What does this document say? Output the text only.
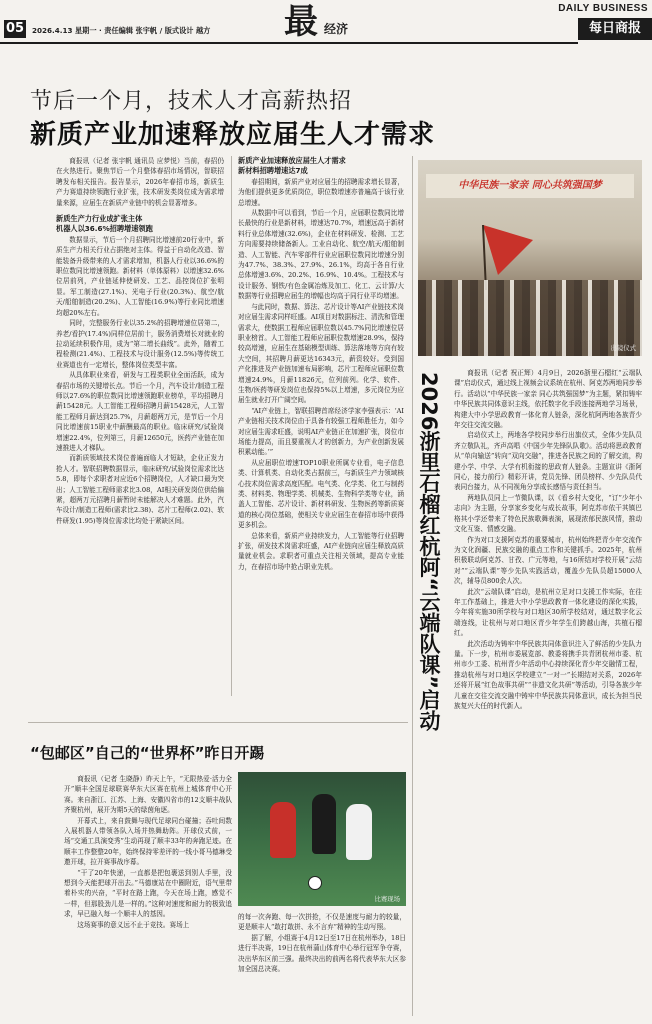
05 2026.4.13 星期一 · 责任编辑 张宇帆 / 版式设计 越方 最 经济
DAILY BUSINESS
每日商报
节后一个月，技术人才高薪热招
新质产业加速释放应届生人才需求

商报讯（记者 张宇帆 通讯员 应梦悦）当前，春招仍在火热进行。聚焦节后一个月整体春招市场情况，智联招聘发布相关报告。报告显示，2026年春招市场，新质生产力赛道持续领跑行业扩张，技术研发类岗位成为需求增量来源，应届生在新质产业链中的机会显著增多。

新质生产力行业成扩张主体
机器人以36.6%招聘增速领跑

数据显示，节后一个月招聘同比增速前20行业中，新质生产力相关行业占据绝对主体。得益于自动化改造、智能装备升级带来的人才需求增加，机器人行业以36.6%的职位数同比增速领跑。新材料（单体原料）以增速32.6%位居前列，产业链延伸使研发、工艺、品控岗位扩张明显。军工制造(27.1%)、光电子行业(20.3%)、航空/航天/船舶制造(20.2%)、人工智能(16.9%)等行业同比增速均超20%左右。

同时，完整服务行业以35.2%的招聘增速位居第二，养老/看护(17.4%)同样位居前十，服务消费增长对就业的拉动延续积极作用，成为“第二增长曲线”。此外，随着工程检测(21.4%)、工程技术与设计服务(12.5%)等传统工业赛道也有一定增长，整体岗位类型丰富。

从具体职业来看，研发与工程类职业全面活跃，成为春招市场的关键增长点。节后一个月，汽车设计/制造工程师以27.6%的职位数同比增速领跑职业榜单，平均招聘月薪15428元。人工智能工程师招聘月薪15428元，人工智能工程师月薪达到25.7%，月薪超两万元，是节后一个月同比增速前15职业中薪酬最高的职业。临床研究/试验岗增速22.4%，位列第三，月薪12650元，医药产业链在加速推进人才梯队。

而新质领域技术岗位普遍面临人才短缺，企业正发力抢人才。智联招聘数据显示，临床研究/试验岗位需求比达5.8，即每个求职者对应近6个招聘岗位，人才缺口最为突出；人工智能工程师需求比3.08，AI相关研发岗位供给偏紧，超两万元招聘月薪暂时未能解决人才难题。此外，汽车设计/制造工程师(需求比2.38)、芯片工程师(2.02)、软件研发(1.95)等岗位需求比均处于紧缺区间。

新质产业加速释放应届生人才需求
新材料招聘增速达7成

春招期间，新质产业对应届生的招聘需求增长显著，为他们提供更多优质岗位，职位数增速亦普遍高于该行业总增速。

从数据中可以看到，节后一个月，应届职位数同比增长最快的行业是新材料，增速达70.7%，增速远高于新材料行业总体增速(32.6%)，企业在材料研发、检测、工艺方向需要持续储备新人。工业自动化、航空/航天/船舶制造、人工智能、汽车零部件行业应届职位数同比增速分别为47.7%、38.3%、27.9%、26.1%，均高于各自行业总体增速3.6%、20.2%、16.9%、10.4%。工程技术与设计服务、钢铁/有色金属冶炼及加工、化工、云计算/大数据等行业招聘应届生的增幅也均高于同行业平均增速。

与此同时，数据、算法、芯片设计等AI产业链技术岗对应届生需求同样旺盛。AI项目对数据标注、清洗和管理需求大，使数据工程师应届职位数以45.7%同比增速位居职业榜首。人工智能工程师应届职位数增速28.9%，保持较高增速，应届生在基础模型训练、算法落地等方向有较大空间，其招聘月薪更达16343元，薪资较好。受到国产化推进及产业链加速布局影响，芯片工程师应届职位数增速24.9%，月薪11826元，位列前列。化学、软件、生物/医药等研发岗位也保持5%以上增速，多元岗位为应届生就业打开广阔空间。

“AI产业链上，智联招聘首席经济学家李强表示：‘AI产业链相关技术岗位由于具备有较强工程师胜任力，如今对应届生需求旺盛，说明AI产业链正在加速扩张，岗位市场能力提高，而且要重视人才的创新力，为产业创新发展积累动能。’”

从应届职位增速TOP10职业所属专业看，电子信息类、计算机类、自动化类占据前三，与新质生产力领域核心技术岗位需求高度匹配。电气类、化学类、化工与制药类、材料类、物理学类、机械类、生物科学类等专业，涵盖人工智能、芯片设计、新材料研发、生物医药等新质赛道的核心岗位基础，使相关专业应届生在春招市场中获得更多机会。

总体来看，新质产业持续发力，人工智能等行业招聘扩张，研发技术岗需求旺盛，AI产业链向应届生释放高质量就业机会。求职者可重点关注相关领域，提高专业能力，在春招市场中抢占职业先机。

中华民族一家亲 同心共筑强国梦
出镜仪式
2026浙里石榴红杭阿“云端队课”启动	商报讯（记者 祝正辉）4月9日，2026浙里石榴红“云端队课”启动仪式，通过线上视频会议系统在杭州、阿克苏两地同步举行。活动以“中华民族一家亲 同心共筑强国梦”为主题，紧扣铸牢中华民族共同体意识主线，依托数字化手段连接两地学习场景，构建大中小学思政教育一体化育人链条，深化杭阿两地各族青少年交往交流交融。

启动仪式上，两地各学校同步举行出旗仪式，全体少先队员齐立敬队礼，齐声高唱《中国少年先锋队队歌》。活动将思政教育从“单向输送”转向“双向交融”，推进各民族之间的了解交流，构建小学、中学、大学有机衔接的思政育人链条。主题宣讲《浙阿同心，接力前行》精彩开讲，党员先锋、团员榜样、少先队员代表同台接力，从不同视角分享成长感悟与责任担当。

两地队员同上一节微队课，以《看乡村大变化，“订”少年小志向》为主题，分享家乡变化与成长故事，阿克苏市依干其镇巴格其小学还带来了特色民族歌舞表演，展现浓郁民族风情，推动文化互鉴、情感交融。

作为对口支援阿克苏的重要城市，杭州始终把青少年交流作为文化润疆、民族交融的重点工作和关键抓手。2025年，杭州积极联动阿克苏、甘孜、广元等地，与16所结对学校开展“云结对”“云端队课”等少先队实践活动，覆盖少先队员超15000人次，辅导员800余人次。

此次“云端队课”启动，是杭州立足对口支援工作实际，在往年工作基础上，推进大中小学思政教育一体化建设的深化实践，今年将实施30所学校与对口地区30所学校结对，通过数字化云端连线，让杭州与对口地区青少年学生们跨越山海，共植石榴红。

此次活动为铸牢中华民族共同体意识注入了鲜活的少先队力量。下一步，杭州市委展览部、教委将携手共青团杭州市委、杭州市少工委、杭州青少年活动中心持续深化青少年交融情工程，推动杭州与对口地区学校建立“一对一”长期结对关系，2026年还将开展“红色故事共研”“非遗文化共研”等活动，引导各族少年儿童在交往交流交融中铸牢中华民族共同体意识，成长为担当民族复兴大任的时代新人。

“包邮区”自己的“世界杯”昨日开踢

商报讯（记者 生晓静）昨天上午，“无限热爱·活力全开”顺丰全国足球联赛华东大区赛在杭州上城体育中心开赛。来自浙江、江苏、上海、安徽四省市的12支顺丰战队齐聚杭州，展开为期5天的绿茵角逐。

开幕式上，来自鼓舞与现代足球同台碰撞；吞吐间数入展机器人带领各队入场并热舞助阵。开球仪式前，一场“交通工具演变秀”生动再现了顺丰33年的奔跑足迹。在顺丰工作整整20年，始终保持零差评的一线小哥马德琳受邀开球，拉开赛事战序幕。

“干了20年快递，一直都是把包裹送到别人手里，没想到今天能把球开出去。”马德康站在中圈附近，语气里带着朴实的兴奋，“平时在路上跑，今天在场上跑，感觉不一样，但那股劲儿是一样的。”这种对速度和耐力的极致追求，早已融入每一个顺丰人的基因。

这场赛事的意义远不止于竞技。赛场上

比赛现场

的每一次奔跑、每一次拼抢，不仅是速度与耐力的较量，更是顺丰人“敢打敢拼、永不言弃”精神的生动写照。

据了解，小组赛于4月12日至17日在杭州举办，18日进行半决赛，19日在杭州蒲山体育中心举行冠军争夺赛，决出华东区前三强。最终决出的前两名将代表华东大区参加全国总决赛。
